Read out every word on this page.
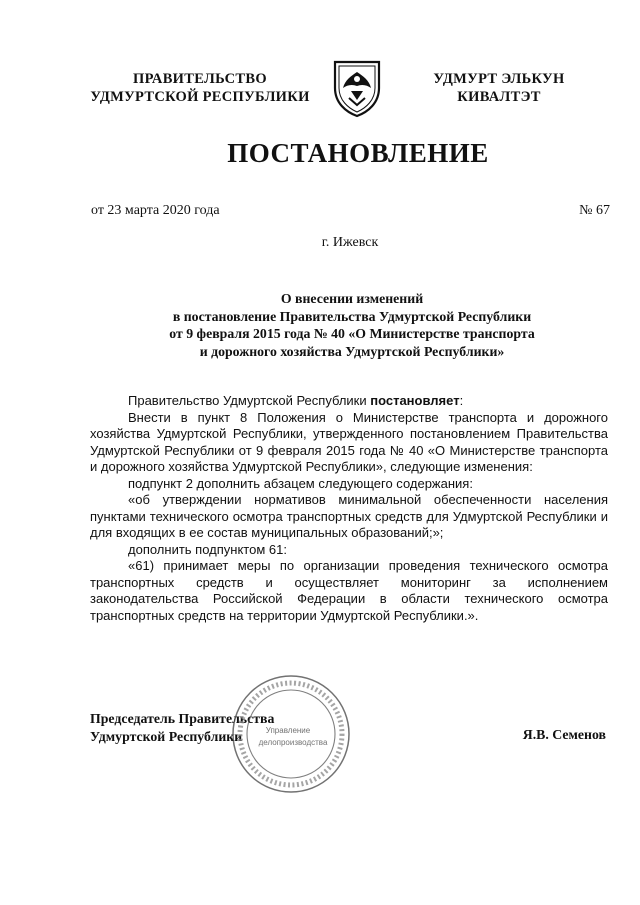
ПРАВИТЕЛЬСТВО
УДМУРТСКОЙ РЕСПУБЛИКИ
УДМУРТ ЭЛЬКУН
КИВАЛТЭТ
ПОСТАНОВЛЕНИЕ
от 23 марта 2020 года	№ 67
г. Ижевск
О внесении изменений
в постановление Правительства Удмуртской Республики
от 9 февраля 2015 года № 40 «О Министерстве транспорта
и дорожного хозяйства Удмуртской Республики»

Правительство Удмуртской Республики постановляет:

Внести в пункт 8 Положения о Министерстве транспорта и дорожного хозяйства Удмуртской Республики, утвержденного постановлением Правительства Удмуртской Республики от 9 февраля 2015 года № 40 «О Министерстве транспорта и дорожного хозяйства Удмуртской Республики», следующие изменения:

подпункт 2 дополнить абзацем следующего содержания:

«об утверждении нормативов минимальной обеспеченности населения пунктами технического осмотра транспортных средств для Удмуртской Республики и для входящих в ее состав муниципальных образований;»;

дополнить подпунктом 61:

«61) принимает меры по организации проведения технического осмотра транспортных средств и осуществляет мониторинг за исполнением законодательства Российской Федерации в области технического осмотра транспортных средств на территории Удмуртской Республики.».

Председатель Правительства
Удмуртской Республики	Я.В. Семенов
Управление
делопроизводства
